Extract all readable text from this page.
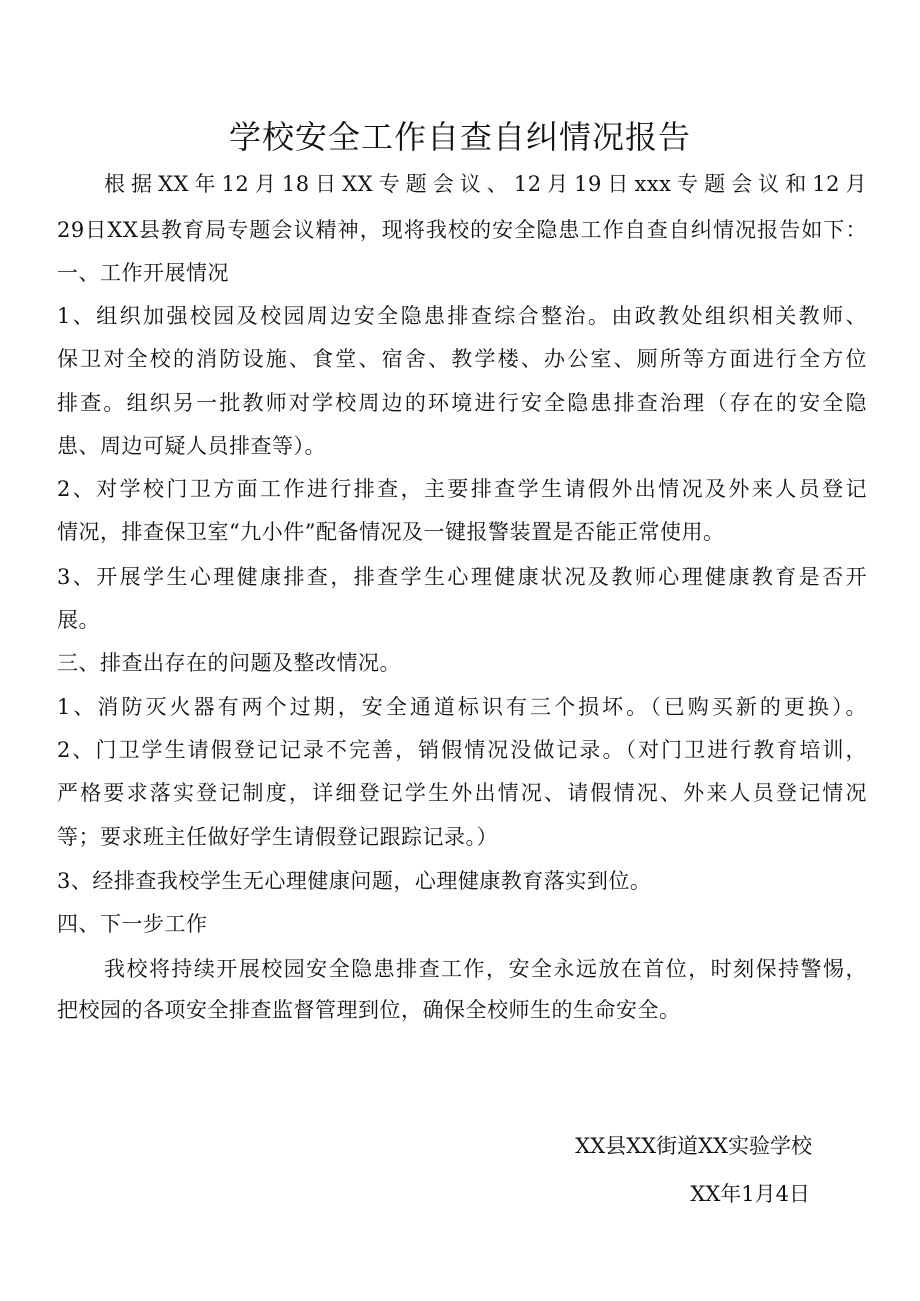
学校安全工作自查自纠情况报告
根据XX年12月18日XX专题会议、12月19日xxx专题会议和12月
29日XX县教育局专题会议精神，现将我校的安全隐患工作自查自纠情况报告如下：
一、工作开展情况
1、组织加强校园及校园周边安全隐患排查综合整治。由政教处组织相关教师、
保卫对全校的消防设施、食堂、宿舍、教学楼、办公室、厕所等方面进行全方位
排查。组织另一批教师对学校周边的环境进行安全隐患排查治理（存在的安全隐
患、周边可疑人员排查等）。
2、对学校门卫方面工作进行排查，主要排查学生请假外出情况及外来人员登记
情况，排查保卫室“九小件”配备情况及一键报警装置是否能正常使用。
3、开展学生心理健康排查，排查学生心理健康状况及教师心理健康教育是否开
展。
三、排查出存在的问题及整改情况。
1、消防灭火器有两个过期，安全通道标识有三个损坏。（已购买新的更换）。
2、门卫学生请假登记记录不完善，销假情况没做记录。（对门卫进行教育培训，
严格要求落实登记制度，详细登记学生外出情况、请假情况、外来人员登记情况
等；要求班主任做好学生请假登记跟踪记录。）
3、经排查我校学生无心理健康问题，心理健康教育落实到位。
四、下一步工作
我校将持续开展校园安全隐患排查工作，安全永远放在首位，时刻保持警惕，
把校园的各项安全排查监督管理到位，确保全校师生的生命安全。
XX县XX街道XX实验学校
XX年1月4日
